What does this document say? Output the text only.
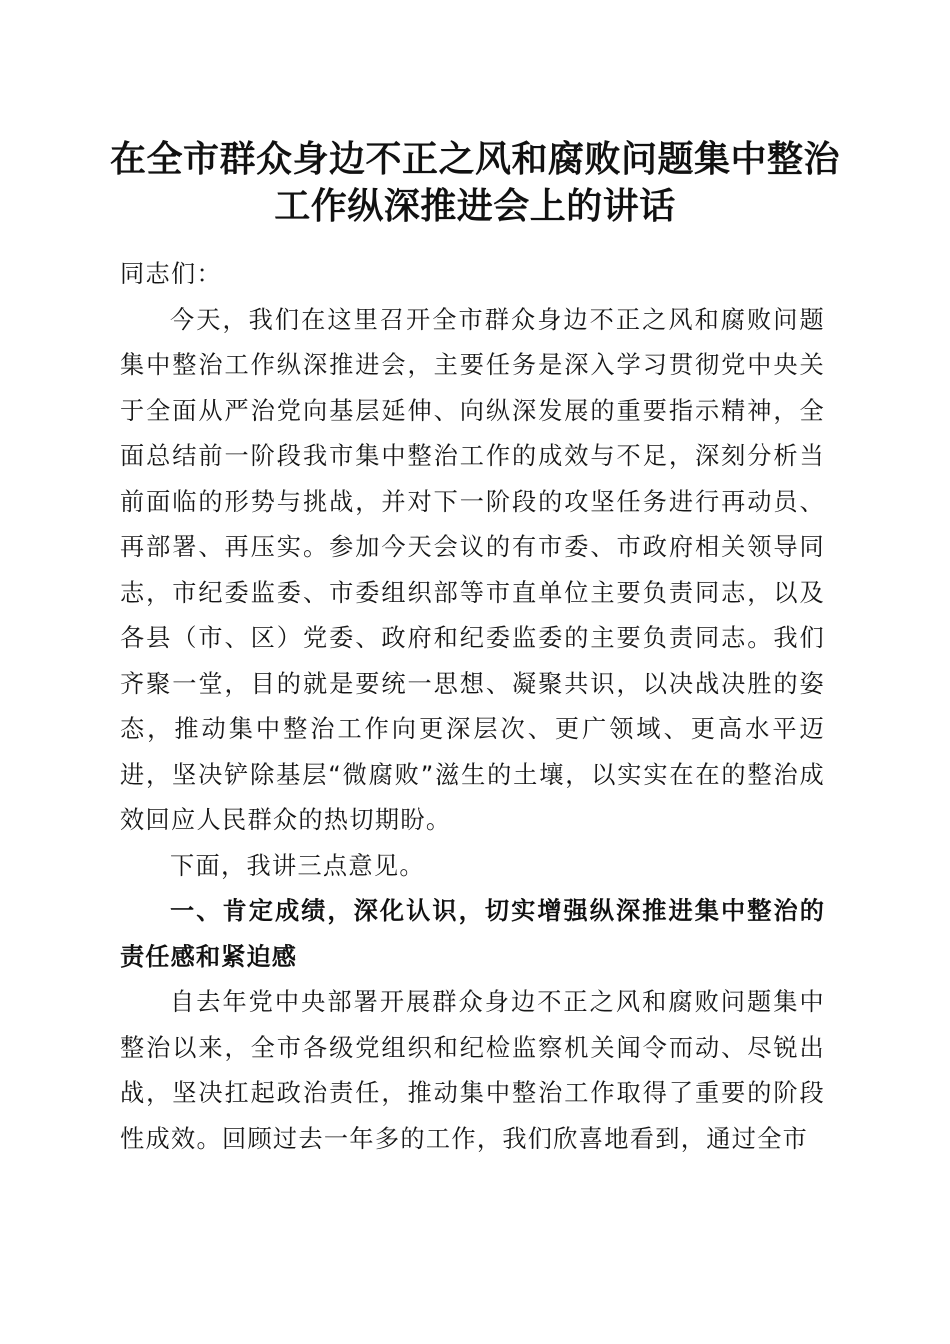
在全市群众身边不正之风和腐败问题集中整治
工作纵深推进会上的讲话

同志们：

今天，我们在这里召开全市群众身边不正之风和腐败问题集中整治工作纵深推进会，主要任务是深入学习贯彻党中央关于全面从严治党向基层延伸、向纵深发展的重要指示精神，全面总结前一阶段我市集中整治工作的成效与不足，深刻分析当前面临的形势与挑战，并对下一阶段的攻坚任务进行再动员、再部署、再压实。参加今天会议的有市委、市政府相关领导同志，市纪委监委、市委组织部等市直单位主要负责同志，以及各县（市、区）党委、政府和纪委监委的主要负责同志。我们齐聚一堂，目的就是要统一思想、凝聚共识，以决战决胜的姿态，推动集中整治工作向更深层次、更广领域、更高水平迈进，坚决铲除基层“微腐败”滋生的土壤，以实实在在的整治成效回应人民群众的热切期盼。

下面，我讲三点意见。

一、肯定成绩，深化认识，切实增强纵深推进集中整治的责任感和紧迫感

自去年党中央部署开展群众身边不正之风和腐败问题集中整治以来，全市各级党组织和纪检监察机关闻令而动、尽锐出战，坚决扛起政治责任，推动集中整治工作取得了重要的阶段性成效。回顾过去一年多的工作，我们欣喜地看到，通过全市
